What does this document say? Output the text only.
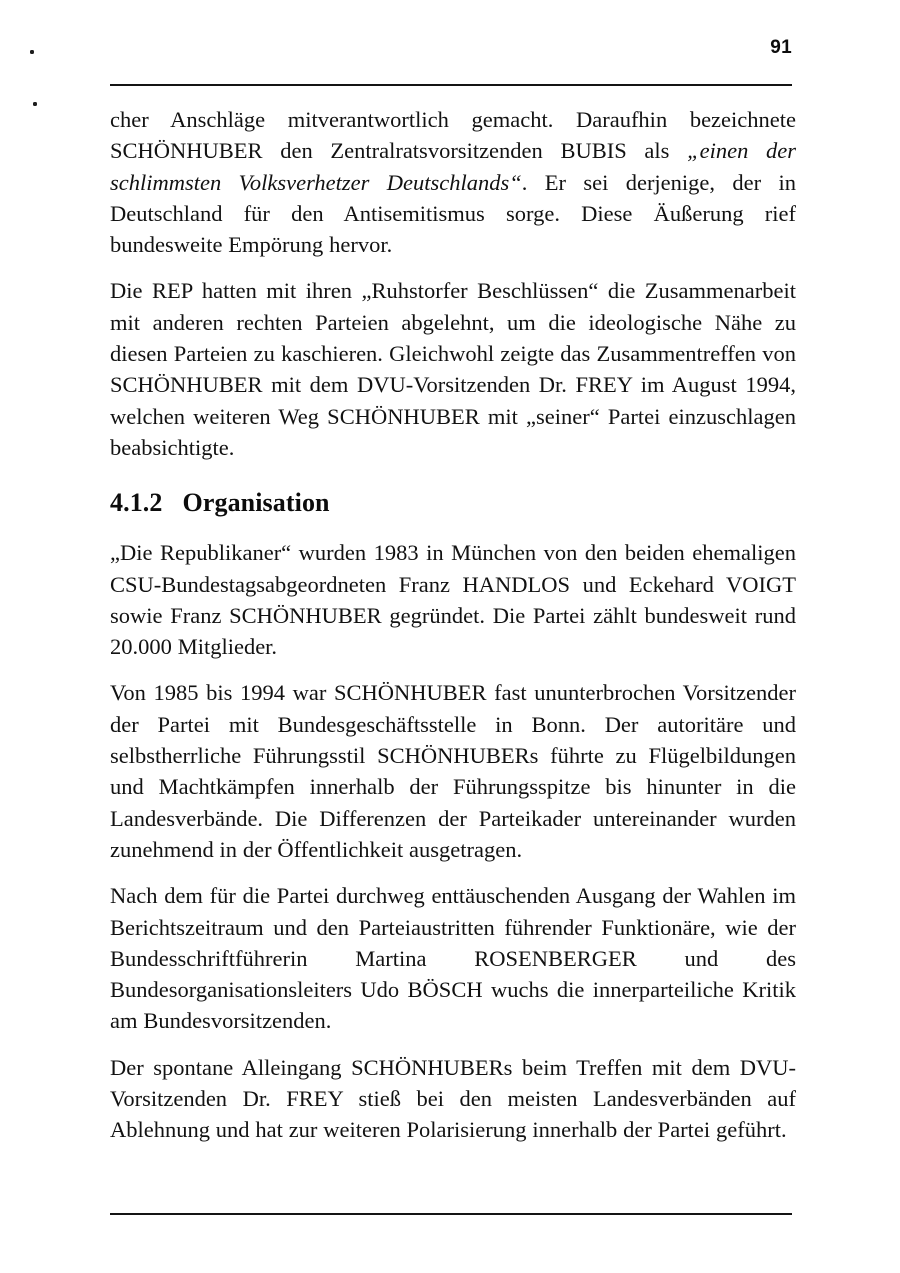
91

cher Anschläge mitverantwortlich gemacht. Daraufhin bezeichnete SCHÖNHUBER den Zentralratsvorsitzenden BUBIS als „einen der schlimmsten Volksverhetzer Deutschlands“. Er sei derjenige, der in Deutschland für den Antisemitismus sorge. Diese Äußerung rief bundesweite Empörung hervor.

Die REP hatten mit ihren „Ruhstorfer Beschlüssen“ die Zusammenarbeit mit anderen rechten Parteien abgelehnt, um die ideologische Nähe zu diesen Parteien zu kaschieren. Gleichwohl zeigte das Zusammentreffen von SCHÖNHUBER mit dem DVU-Vorsitzenden Dr. FREY im August 1994, welchen weiteren Weg SCHÖNHUBER mit „seiner“ Partei einzuschlagen beabsichtigte.

4.1.2 Organisation

„Die Republikaner“ wurden 1983 in München von den beiden ehemaligen CSU-Bundestagsabgeordneten Franz HANDLOS und Eckehard VOIGT sowie Franz SCHÖNHUBER gegründet. Die Partei zählt bundesweit rund 20.000 Mitglieder.

Von 1985 bis 1994 war SCHÖNHUBER fast ununterbrochen Vorsitzender der Partei mit Bundesgeschäftsstelle in Bonn. Der autoritäre und selbstherrliche Führungsstil SCHÖNHUBERs führte zu Flügelbildungen und Machtkämpfen innerhalb der Führungsspitze bis hinunter in die Landesverbände. Die Differenzen der Parteikader untereinander wurden zunehmend in der Öffentlichkeit ausgetragen.

Nach dem für die Partei durchweg enttäuschenden Ausgang der Wahlen im Berichtszeitraum und den Parteiaustritten führender Funktionäre, wie der Bundesschriftführerin Martina ROSENBERGER und des Bundesorganisationsleiters Udo BÖSCH wuchs die innerparteiliche Kritik am Bundesvorsitzenden.

Der spontane Alleingang SCHÖNHUBERs beim Treffen mit dem DVU-Vorsitzenden Dr. FREY stieß bei den meisten Landesverbänden auf Ablehnung und hat zur weiteren Polarisierung innerhalb der Partei geführt.
